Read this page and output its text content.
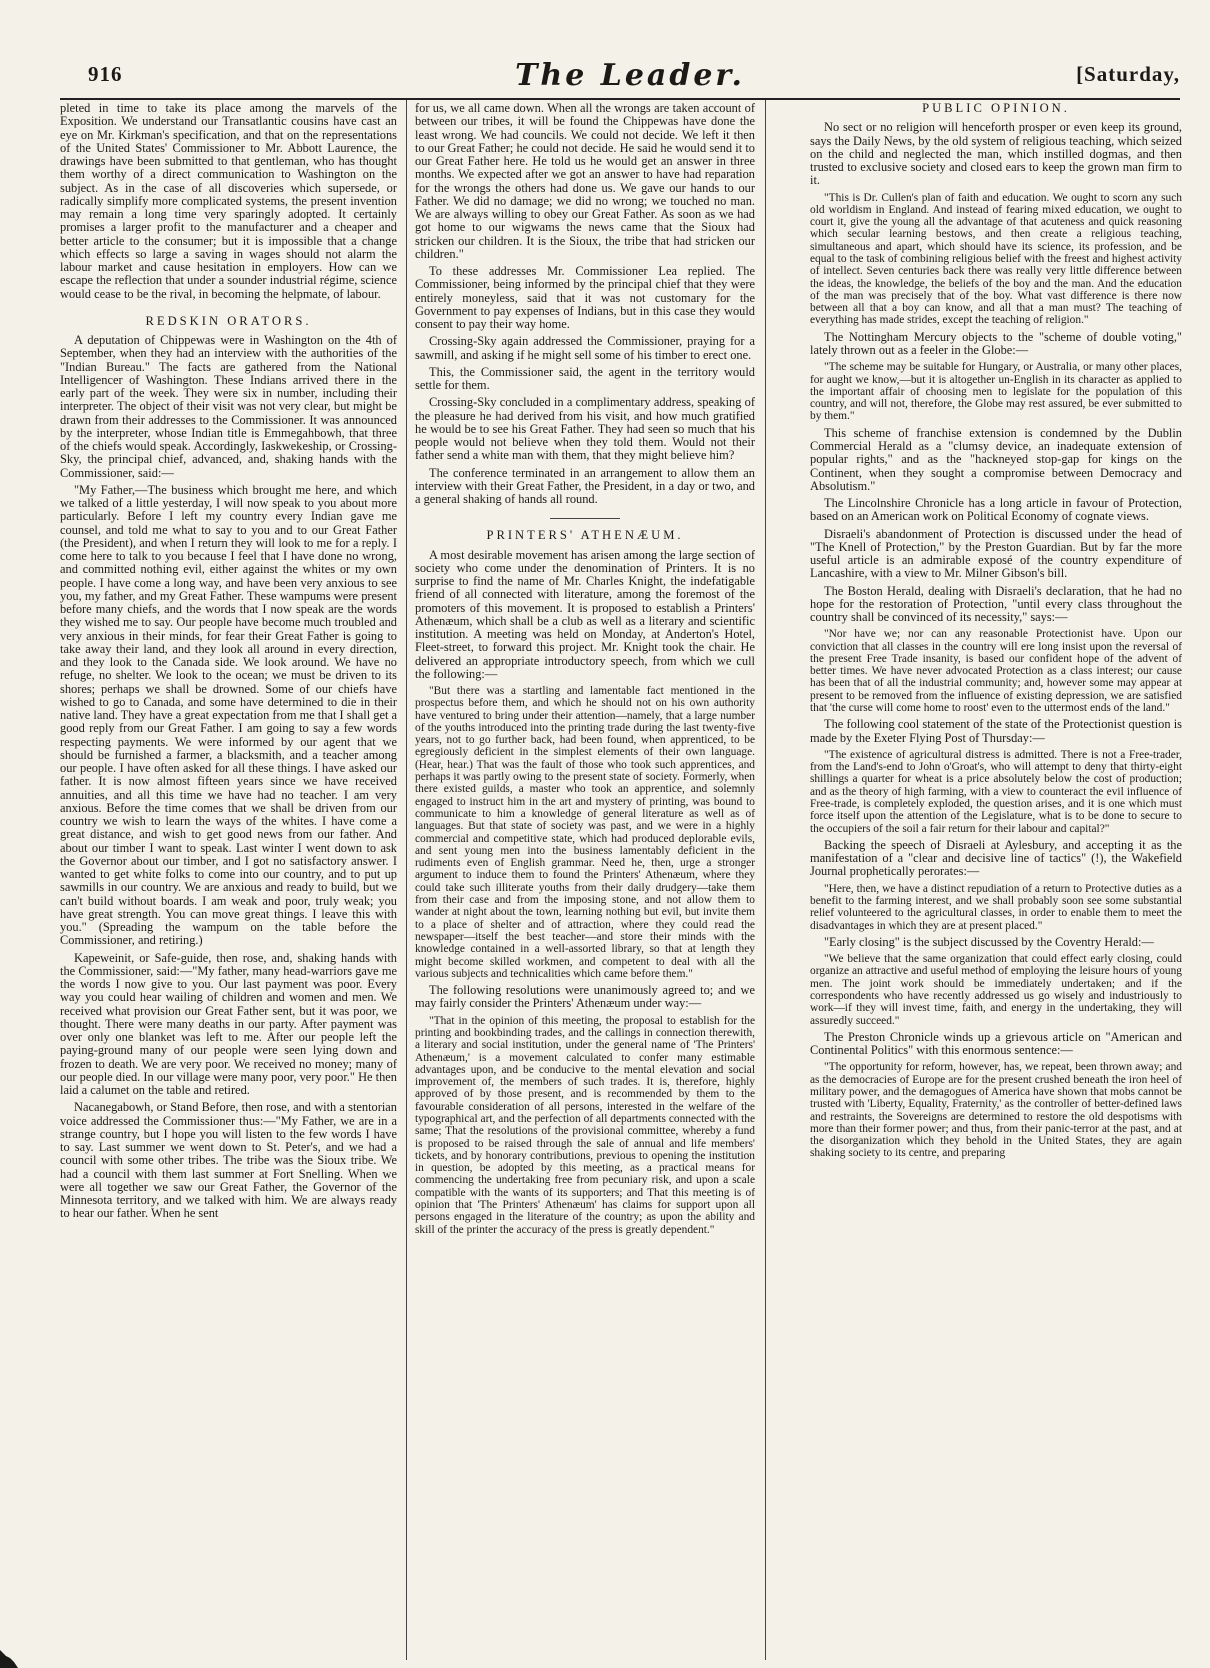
916	The Leader.	[Saturday,

pleted in time to take its place among the marvels of the Exposition. We understand our Transatlantic cousins have cast an eye on Mr. Kirkman's specification, and that on the representations of the United States' Commissioner to Mr. Abbott Laurence, the drawings have been submitted to that gentleman, who has thought them worthy of a direct communication to Washington on the subject. As in the case of all discoveries which supersede, or radically simplify more complicated systems, the present invention may remain a long time very sparingly adopted. It certainly promises a larger profit to the manufacturer and a cheaper and better article to the consumer; but it is impossible that a change which effects so large a saving in wages should not alarm the labour market and cause hesitation in employers. How can we escape the reflection that under a sounder industrial régime, science would cease to be the rival, in becoming the helpmate, of labour.

REDSKIN ORATORS.

A deputation of Chippewas were in Washington on the 4th of September, when they had an interview with the authorities of the "Indian Bureau." The facts are gathered from the National Intelligencer of Washington. These Indians arrived there in the early part of the week. They were six in number, including their interpreter. The object of their visit was not very clear, but might be drawn from their addresses to the Commissioner. It was announced by the interpreter, whose Indian title is Emmegahbowh, that three of the chiefs would speak. Accordingly, Iaskwekeship, or Crossing-Sky, the principal chief, advanced, and, shaking hands with the Commissioner, said:—

"My Father,—The business which brought me here, and which we talked of a little yesterday, I will now speak to you about more particularly. Before I left my country every Indian gave me counsel, and told me what to say to you and to our Great Father (the President), and when I return they will look to me for a reply. I come here to talk to you because I feel that I have done no wrong, and committed nothing evil, either against the whites or my own people. I have come a long way, and have been very anxious to see you, my father, and my Great Father. These wampums were present before many chiefs, and the words that I now speak are the words they wished me to say. Our people have become much troubled and very anxious in their minds, for fear their Great Father is going to take away their land, and they look all around in every direction, and they look to the Canada side. We look around. We have no refuge, no shelter. We look to the ocean; we must be driven to its shores; perhaps we shall be drowned. Some of our chiefs have wished to go to Canada, and some have determined to die in their native land. They have a great expectation from me that I shall get a good reply from our Great Father. I am going to say a few words respecting payments. We were informed by our agent that we should be furnished a farmer, a blacksmith, and a teacher among our people. I have often asked for all these things. I have asked our father. It is now almost fifteen years since we have received annuities, and all this time we have had no teacher. I am very anxious. Before the time comes that we shall be driven from our country we wish to learn the ways of the whites. I have come a great distance, and wish to get good news from our father. And about our timber I want to speak. Last winter I went down to ask the Governor about our timber, and I got no satisfactory answer. I wanted to get white folks to come into our country, and to put up sawmills in our country. We are anxious and ready to build, but we can't build without boards. I am weak and poor, truly weak; you have great strength. You can move great things. I leave this with you." (Spreading the wampum on the table before the Commissioner, and retiring.)

Kapeweinit, or Safe-guide, then rose, and, shaking hands with the Commissioner, said:—"My father, many head-warriors gave me the words I now give to you. Our last payment was poor. Every way you could hear wailing of children and women and men. We received what provision our Great Father sent, but it was poor, we thought. There were many deaths in our party. After payment was over only one blanket was left to me. After our people left the paying-ground many of our people were seen lying down and frozen to death. We are very poor. We received no money; many of our people died. In our village were many poor, very poor." He then laid a calumet on the table and retired.

Nacanegabowh, or Stand Before, then rose, and with a stentorian voice addressed the Commissioner thus:—"My Father, we are in a strange country, but I hope you will listen to the few words I have to say. Last summer we went down to St. Peter's, and we had a council with some other tribes. The tribe was the Sioux tribe. We had a council with them last summer at Fort Snelling. When we were all together we saw our Great Father, the Governor of the Minnesota territory, and we talked with him. We are always ready to hear our father. When he sent

for us, we all came down. When all the wrongs are taken account of between our tribes, it will be found the Chippewas have done the least wrong. We had councils. We could not decide. We left it then to our Great Father; he could not decide. He said he would send it to our Great Father here. He told us he would get an answer in three months. We expected after we got an answer to have had reparation for the wrongs the others had done us. We gave our hands to our Father. We did no damage; we did no wrong; we touched no man. We are always willing to obey our Great Father. As soon as we had got home to our wigwams the news came that the Sioux had stricken our children. It is the Sioux, the tribe that had stricken our children."

To these addresses Mr. Commissioner Lea replied. The Commissioner, being informed by the principal chief that they were entirely moneyless, said that it was not customary for the Government to pay expenses of Indians, but in this case they would consent to pay their way home.

Crossing-Sky again addressed the Commissioner, praying for a sawmill, and asking if he might sell some of his timber to erect one.

This, the Commissioner said, the agent in the territory would settle for them.

Crossing-Sky concluded in a complimentary address, speaking of the pleasure he had derived from his visit, and how much gratified he would be to see his Great Father. They had seen so much that his people would not believe when they told them. Would not their father send a white man with them, that they might believe him?

The conference terminated in an arrangement to allow them an interview with their Great Father, the President, in a day or two, and a general shaking of hands all round.

PRINTERS' ATHENÆUM.

A most desirable movement has arisen among the large section of society who come under the denomination of Printers. It is no surprise to find the name of Mr. Charles Knight, the indefatigable friend of all connected with literature, among the foremost of the promoters of this movement. It is proposed to establish a Printers' Athenæum, which shall be a club as well as a literary and scientific institution. A meeting was held on Monday, at Anderton's Hotel, Fleet-street, to forward this project. Mr. Knight took the chair. He delivered an appropriate introductory speech, from which we cull the following:—

"But there was a startling and lamentable fact mentioned in the prospectus before them, and which he should not on his own authority have ventured to bring under their attention—namely, that a large number of the youths introduced into the printing trade during the last twenty-five years, not to go further back, had been found, when apprenticed, to be egregiously deficient in the simplest elements of their own language. (Hear, hear.) That was the fault of those who took such apprentices, and perhaps it was partly owing to the present state of society. Formerly, when there existed guilds, a master who took an apprentice, and solemnly engaged to instruct him in the art and mystery of printing, was bound to communicate to him a knowledge of general literature as well as of languages. But that state of society was past, and we were in a highly commercial and competitive state, which had produced deplorable evils, and sent young men into the business lamentably deficient in the rudiments even of English grammar. Need he, then, urge a stronger argument to induce them to found the Printers' Athenæum, where they could take such illiterate youths from their daily drudgery—take them from their case and from the imposing stone, and not allow them to wander at night about the town, learning nothing but evil, but invite them to a place of shelter and of attraction, where they could read the newspaper—itself the best teacher—and store their minds with the knowledge contained in a well-assorted library, so that at length they might become skilled workmen, and competent to deal with all the various subjects and technicalities which came before them."

The following resolutions were unanimously agreed to; and we may fairly consider the Printers' Athenæum under way:—

"That in the opinion of this meeting, the proposal to establish for the printing and bookbinding trades, and the callings in connection therewith, a literary and social institution, under the general name of 'The Printers' Athenæum,' is a movement calculated to confer many estimable advantages upon, and be conducive to the mental elevation and social improvement of, the members of such trades. It is, therefore, highly approved of by those present, and is recommended by them to the favourable consideration of all persons, interested in the welfare of the typographical art, and the perfection of all departments connected with the same; That the resolutions of the provisional committee, whereby a fund is proposed to be raised through the sale of annual and life members' tickets, and by honorary contributions, previous to opening the institution in question, be adopted by this meeting, as a practical means for commencing the undertaking free from pecuniary risk, and upon a scale compatible with the wants of its supporters; and That this meeting is of opinion that 'The Printers' Athenæum' has claims for support upon all persons engaged in the literature of the country; as upon the ability and skill of the printer the accuracy of the press is greatly dependent."

PUBLIC OPINION.

No sect or no religion will henceforth prosper or even keep its ground, says the Daily News, by the old system of religious teaching, which seized on the child and neglected the man, which instilled dogmas, and then trusted to exclusive society and closed ears to keep the grown man firm to it.

"This is Dr. Cullen's plan of faith and education. We ought to scorn any such old worldism in England. And instead of fearing mixed education, we ought to court it, give the young all the advantage of that acuteness and quick reasoning which secular learning bestows, and then create a religious teaching, simultaneous and apart, which should have its science, its profession, and be equal to the task of combining religious belief with the freest and highest activity of intellect. Seven centuries back there was really very little difference between the ideas, the knowledge, the beliefs of the boy and the man. And the education of the man was precisely that of the boy. What vast difference is there now between all that a boy can know, and all that a man must? The teaching of everything has made strides, except the teaching of religion."

The Nottingham Mercury objects to the "scheme of double voting," lately thrown out as a feeler in the Globe:—

"The scheme may be suitable for Hungary, or Australia, or many other places, for aught we know,—but it is altogether un-English in its character as applied to the important affair of choosing men to legislate for the population of this country, and will not, therefore, the Globe may rest assured, be ever submitted to by them."

This scheme of franchise extension is condemned by the Dublin Commercial Herald as a "clumsy device, an inadequate extension of popular rights," and as the "hackneyed stop-gap for kings on the Continent, when they sought a compromise between Democracy and Absolutism."

The Lincolnshire Chronicle has a long article in favour of Protection, based on an American work on Political Economy of cognate views.

Disraeli's abandonment of Protection is discussed under the head of "The Knell of Protection," by the Preston Guardian. But by far the more useful article is an admirable exposé of the country expenditure of Lancashire, with a view to Mr. Milner Gibson's bill.

The Boston Herald, dealing with Disraeli's declaration, that he had no hope for the restoration of Protection, "until every class throughout the country shall be convinced of its necessity," says:—

"Nor have we; nor can any reasonable Protectionist have. Upon our conviction that all classes in the country will ere long insist upon the reversal of the present Free Trade insanity, is based our confident hope of the advent of better times. We have never advocated Protection as a class interest; our cause has been that of all the industrial community; and, however some may appear at present to be removed from the influence of existing depression, we are satisfied that 'the curse will come home to roost' even to the uttermost ends of the land."

The following cool statement of the state of the Protectionist question is made by the Exeter Flying Post of Thursday:—

"The existence of agricultural distress is admitted. There is not a Free-trader, from the Land's-end to John o'Groat's, who will attempt to deny that thirty-eight shillings a quarter for wheat is a price absolutely below the cost of production; and as the theory of high farming, with a view to counteract the evil influence of Free-trade, is completely exploded, the question arises, and it is one which must force itself upon the attention of the Legislature, what is to be done to secure to the occupiers of the soil a fair return for their labour and capital?"

Backing the speech of Disraeli at Aylesbury, and accepting it as the manifestation of a "clear and decisive line of tactics" (!), the Wakefield Journal prophetically perorates:—

"Here, then, we have a distinct repudiation of a return to Protective duties as a benefit to the farming interest, and we shall probably soon see some substantial relief volunteered to the agricultural classes, in order to enable them to meet the disadvantages in which they are at present placed."

"Early closing" is the subject discussed by the Coventry Herald:—

"We believe that the same organization that could effect early closing, could organize an attractive and useful method of employing the leisure hours of young men. The joint work should be immediately undertaken; and if the correspondents who have recently addressed us go wisely and industriously to work—if they will invest time, faith, and energy in the undertaking, they will assuredly succeed."

The Preston Chronicle winds up a grievous article on "American and Continental Politics" with this enormous sentence:—

"The opportunity for reform, however, has, we repeat, been thrown away; and as the democracies of Europe are for the present crushed beneath the iron heel of military power, and the demagogues of America have shown that mobs cannot be trusted with 'Liberty, Equality, Fraternity,' as the controller of better-defined laws and restraints, the Sovereigns are determined to restore the old despotisms with more than their former power; and thus, from their panic-terror at the past, and at the disorganization which they behold in the United States, they are again shaking society to its centre, and preparing
